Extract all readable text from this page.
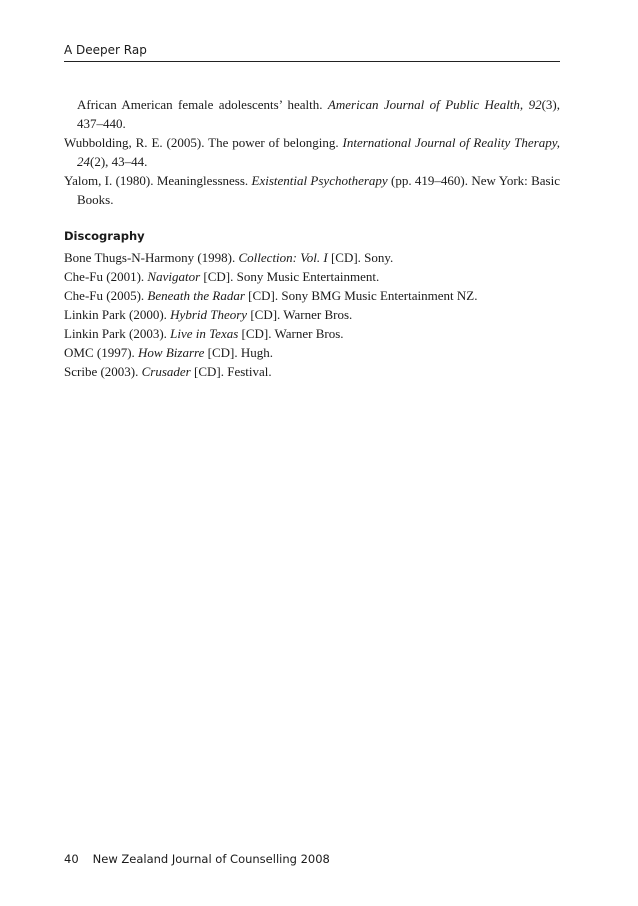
A Deeper Rap
African American female adolescents’ health. American Journal of Public Health, 92(3), 437–440.
Wubbolding, R. E. (2005). The power of belonging. International Journal of Reality Therapy, 24(2), 43–44.
Yalom, I. (1980). Meaninglessness. Existential Psychotherapy (pp. 419–460). New York: Basic Books.
Discography
Bone Thugs-N-Harmony (1998). Collection: Vol. I [CD]. Sony.
Che-Fu (2001). Navigator [CD]. Sony Music Entertainment.
Che-Fu (2005). Beneath the Radar [CD]. Sony BMG Music Entertainment NZ.
Linkin Park (2000). Hybrid Theory [CD]. Warner Bros.
Linkin Park (2003). Live in Texas [CD]. Warner Bros.
OMC (1997). How Bizarre [CD]. Hugh.
Scribe (2003). Crusader [CD]. Festival.
40 New Zealand Journal of Counselling 2008
